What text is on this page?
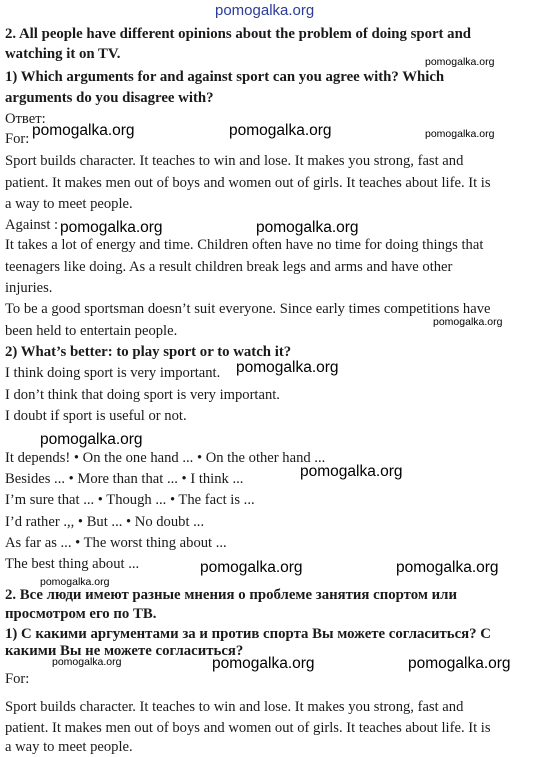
pomogalka.org
pomogalka.org
pomogalka.org	pomogalka.org	pomogalka.org
pomogalka.org	pomogalka.org
pomogalka.org
pomogalka.org
pomogalka.org
pomogalka.org
pomogalka.org	pomogalka.org
pomogalka.org
pomogalka.org	pomogalka.org	pomogalka.org
2. All people have different opinions about the problem of doing sport and
watching it on TV.
1) Which arguments for and against sport can you agree with? Which
arguments do you disagree with?
Ответ:
For:
Sport builds character. It teaches to win and lose. It makes you strong, fast and
patient. It makes men out of boys and women out of girls. It teaches about life. It is
a way to meet people.
Against :
It takes a lot of energy and time. Children often have no time for doing things that
teenagers like doing. As a result children break legs and arms and have other
injuries.
To be a good sportsman doesn’t suit everyone. Since early times competitions have
been held to entertain people.
2) What’s better: to play sport or to watch it?
I think doing sport is very important.
I don’t think that doing sport is very important.
I doubt if sport is useful or not.
It depends! • On the one hand ... • On the other hand ...
Besides ... • More than that ... • I think ...
I’m sure that ... • Though ... • The fact is ...
I’d rather .,, • But ... • No doubt ...
As far as ... • The worst thing about ...
The best thing about ...
2. Все люди имеют разные мнения о проблеме занятия спортом или
просмотром его по ТВ.
1) С какими аргументами за и против спорта Вы можете согласиться? С
какими Вы не можете согласиться?
For:
Sport builds character. It teaches to win and lose. It makes you strong, fast and
patient. It makes men out of boys and women out of girls. It teaches about life. It is
a way to meet people.
